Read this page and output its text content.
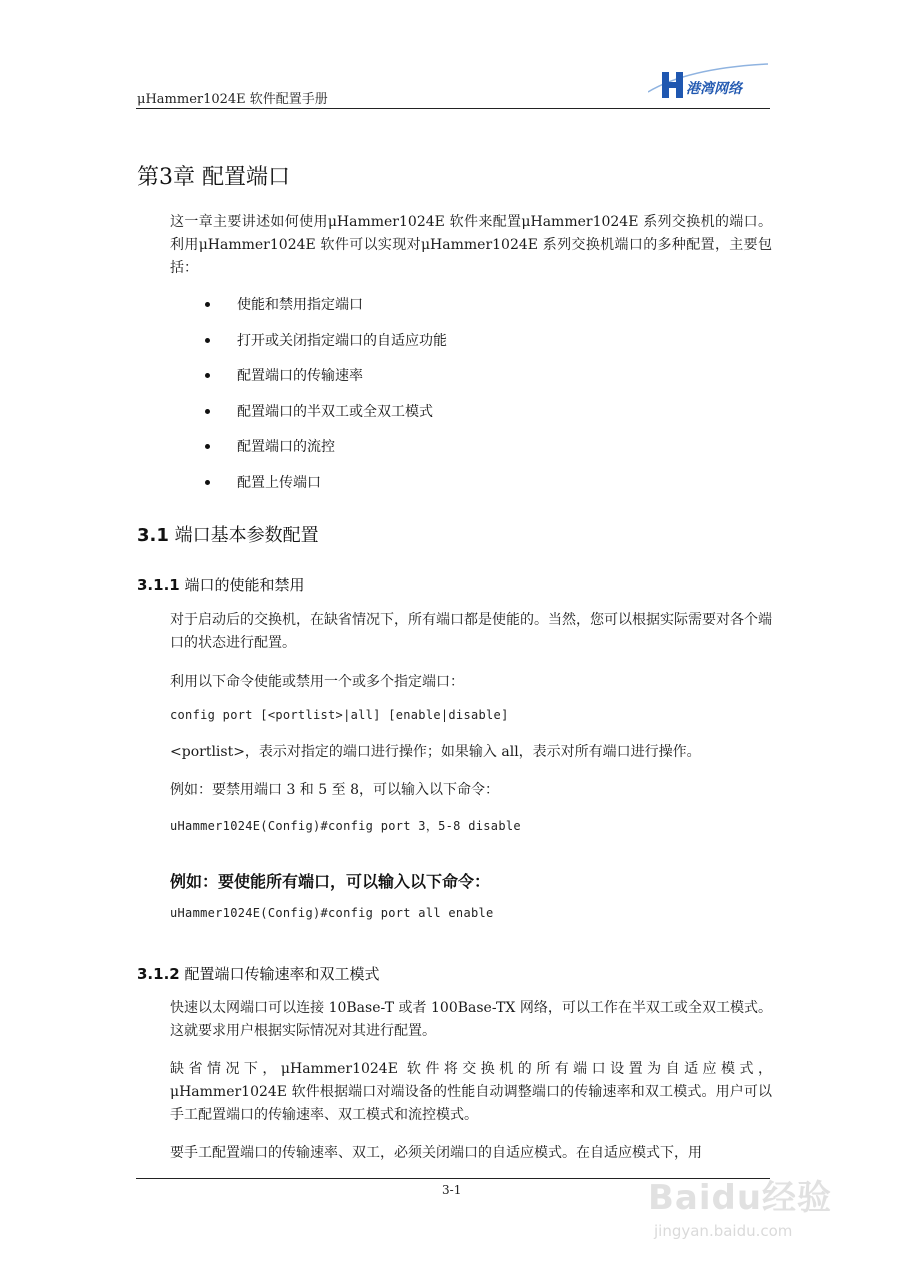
μHammer1024E 软件配置手册
港湾网络
第3章 配置端口

这一章主要讲述如何使用μHammer1024E 软件来配置μHammer1024E 系列交换机的端口。利用μHammer1024E 软件可以实现对μHammer1024E 系列交换机端口的多种配置，主要包括：

使能和禁用指定端口
打开或关闭指定端口的自适应功能
配置端口的传输速率
配置端口的半双工或全双工模式
配置端口的流控
配置上传端口
3.1 端口基本参数配置
3.1.1 端口的使能和禁用

对于启动后的交换机，在缺省情况下，所有端口都是使能的。当然，您可以根据实际需要对各个端口的状态进行配置。

利用以下命令使能或禁用一个或多个指定端口：

config port [<portlist>|all] [enable|disable]

<portlist>，表示对指定的端口进行操作；如果输入 all，表示对所有端口进行操作。

例如：要禁用端口 3 和 5 至 8，可以输入以下命令：

uHammer1024E(Config)#config port 3，5-8 disable
例如：要使能所有端口，可以输入以下命令：
uHammer1024E(Config)#config port all enable
3.1.2 配置端口传输速率和双工模式

快速以太网端口可以连接 10Base-T 或者 100Base-TX 网络，可以工作在半双工或全双工模式。这就要求用户根据实际情况对其进行配置。

缺省情况下，μHammer1024E 软件将交换机的所有端口设置为自适应模式，μHammer1024E 软件根据端口对端设备的性能自动调整端口的传输速率和双工模式。用户可以手工配置端口的传输速率、双工模式和流控模式。

要手工配置端口的传输速率、双工，必须关闭端口的自适应模式。在自适应模式下，用

3-1	Baidu经验
jingyan.baidu.com
